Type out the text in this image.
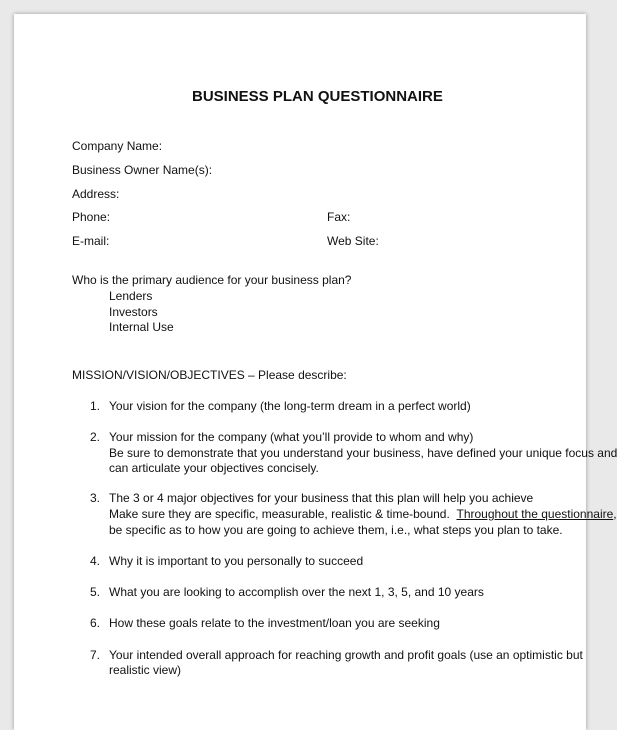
BUSINESS PLAN QUESTIONNAIRE
Company Name:
Business Owner Name(s):
Address:
Phone:	Fax:
E-mail:	Web Site:
Who is the primary audience for your business plan?
Lenders
Investors
Internal Use
MISSION/VISION/OBJECTIVES – Please describe:
1. Your vision for the company (the long-term dream in a perfect world)
2. Your mission for the company (what you’ll provide to whom and why)
Be sure to demonstrate that you understand your business, have defined your unique focus and
can articulate your objectives concisely.
3. The 3 or 4 major objectives for your business that this plan will help you achieve
Make sure they are specific, measurable, realistic & time-bound. Throughout the questionnaire,
be specific as to how you are going to achieve them, i.e., what steps you plan to take.
4. Why it is important to you personally to succeed
5. What you are looking to accomplish over the next 1, 3, 5, and 10 years
6. How these goals relate to the investment/loan you are seeking
7. Your intended overall approach for reaching growth and profit goals (use an optimistic but
realistic view)
